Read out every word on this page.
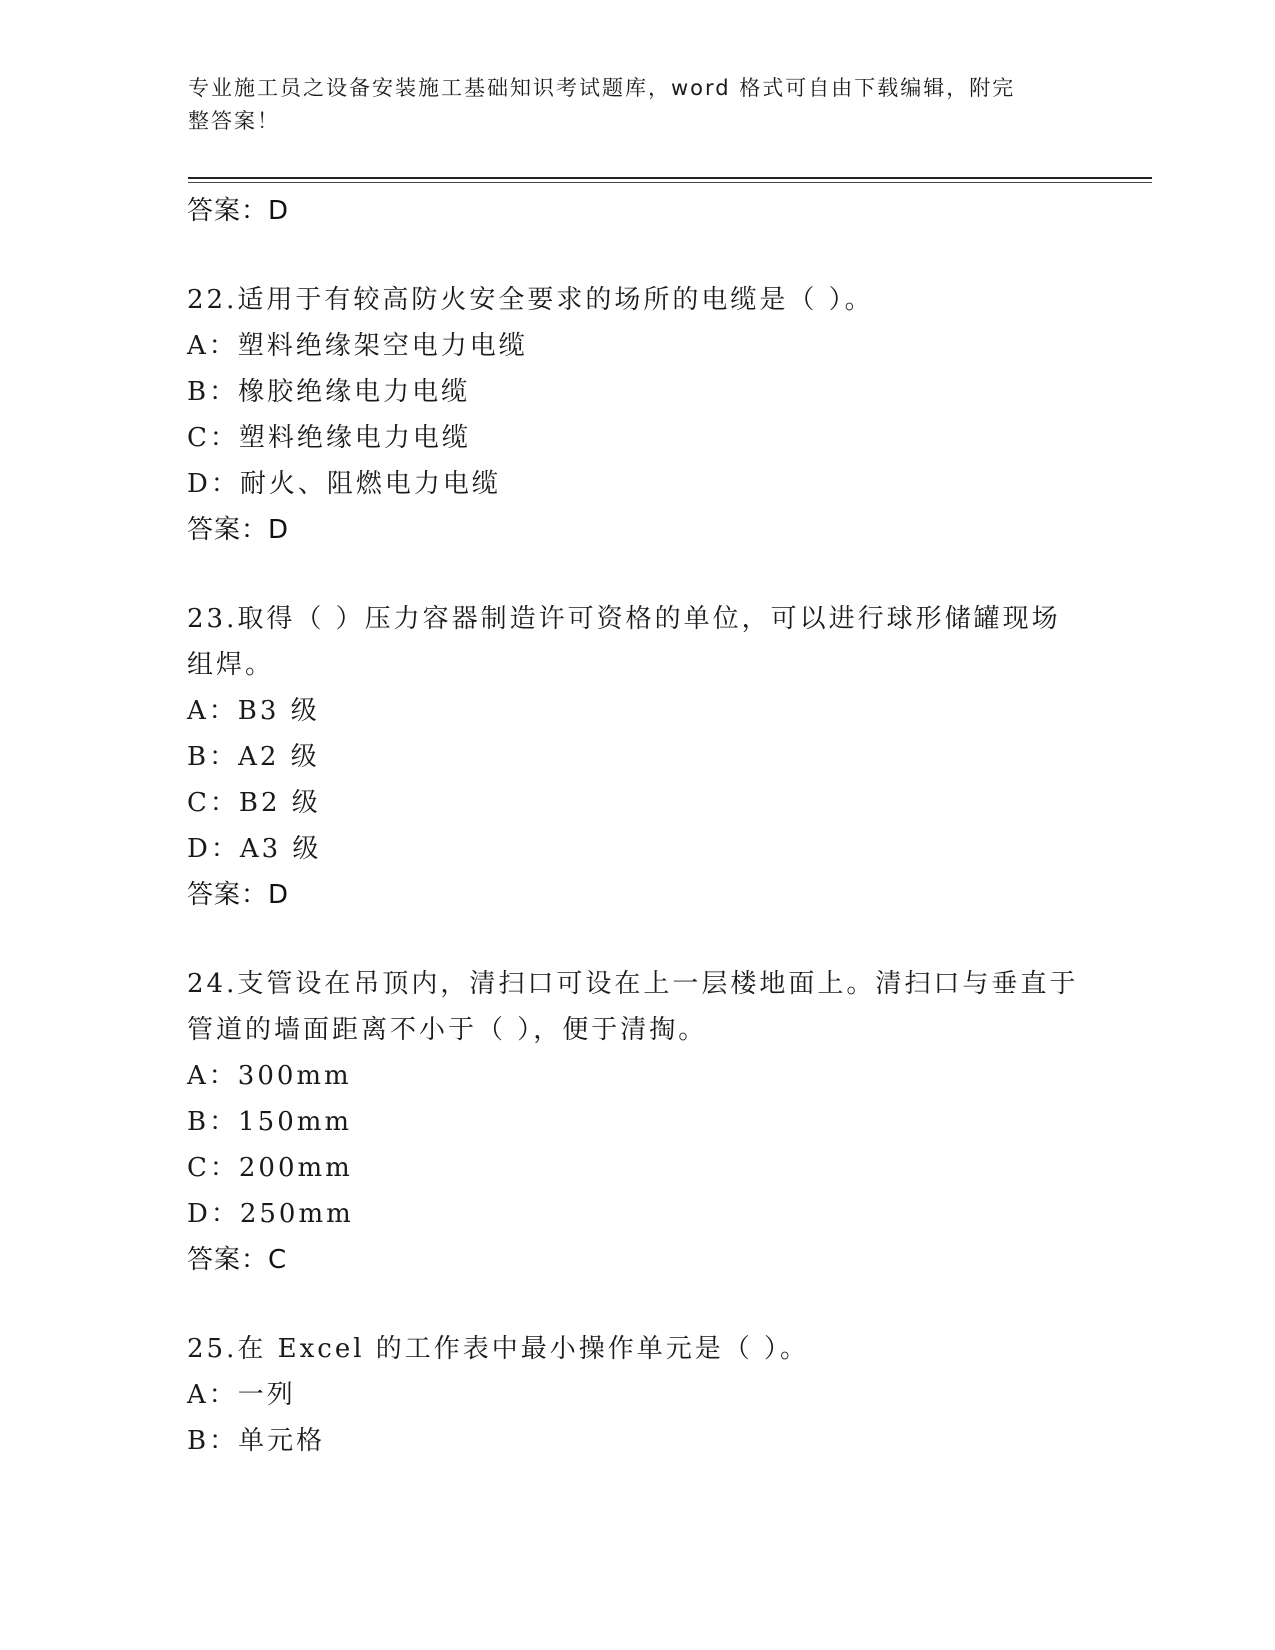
专业施工员之设备安装施工基础知识考试题库，word 格式可自由下载编辑，附完
整答案！
答案：D
22.适用于有较高防火安全要求的场所的电缆是（ ）。
A：塑料绝缘架空电力电缆
B：橡胶绝缘电力电缆
C：塑料绝缘电力电缆
D：耐火、阻燃电力电缆
答案：D
23.取得（ ）压力容器制造许可资格的单位，可以进行球形储罐现场
组焊。
A：B3 级
B：A2 级
C：B2 级
D：A3 级
答案：D
24.支管设在吊顶内，清扫口可设在上一层楼地面上。清扫口与垂直于
管道的墙面距离不小于（ ），便于清掏。
A：300mm
B：150mm
C：200mm
D：250mm
答案：C
25.在 Excel 的工作表中最小操作单元是（ ）。
A：一列
B：单元格
